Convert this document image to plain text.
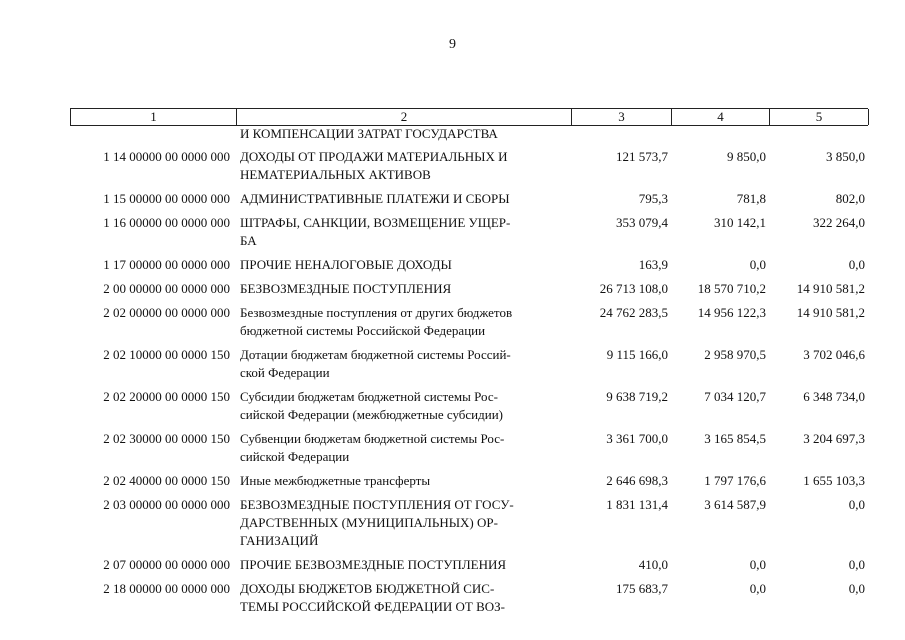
9
1	2	3	4	5
И КОМПЕНСАЦИИ ЗАТРАТ ГОСУДАРСТВА
1 14 00000 00 0000 000 ДОХОДЫ ОТ ПРОДАЖИ МАТЕРИАЛЬНЫХ И
НЕМАТЕРИАЛЬНЫХ АКТИВОВ
121 573,7	9 850,0	3 850,0
1 15 00000 00 0000 000 АДМИНИСТРАТИВНЫЕ ПЛАТЕЖИ И СБОРЫ	795,3	781,8	802,0
1 16 00000 00 0000 000 ШТРАФЫ, САНКЦИИ, ВОЗМЕЩЕНИЕ УЩЕР-
БА
353 079,4	310 142,1	322 264,0
1 17 00000 00 0000 000 ПРОЧИЕ НЕНАЛОГОВЫЕ ДОХОДЫ	163,9	0,0	0,0
2 00 00000 00 0000 000 БЕЗВОЗМЕЗДНЫЕ ПОСТУПЛЕНИЯ	26 713 108,0	18 570 710,2	14 910 581,2
2 02 00000 00 0000 000 Безвозмездные поступления от других бюджетов
бюджетной системы Российской Федерации
24 762 283,5	14 956 122,3	14 910 581,2
2 02 10000 00 0000 150 Дотации бюджетам бюджетной системы Россий-
ской Федерации
9 115 166,0	2 958 970,5	3 702 046,6
2 02 20000 00 0000 150 Субсидии бюджетам бюджетной системы Рос-
сийской Федерации (межбюджетные субсидии)
9 638 719,2	7 034 120,7	6 348 734,0
2 02 30000 00 0000 150 Субвенции бюджетам бюджетной системы Рос-
сийской Федерации
3 361 700,0	3 165 854,5	3 204 697,3
2 02 40000 00 0000 150 Иные межбюджетные трансферты	2 646 698,3	1 797 176,6	1 655 103,3
2 03 00000 00 0000 000 БЕЗВОЗМЕЗДНЫЕ ПОСТУПЛЕНИЯ ОТ ГОСУ-
ДАРСТВЕННЫХ (МУНИЦИПАЛЬНЫХ) ОР-
ГАНИЗАЦИЙ
1 831 131,4	3 614 587,9	0,0
2 07 00000 00 0000 000 ПРОЧИЕ БЕЗВОЗМЕЗДНЫЕ ПОСТУПЛЕНИЯ	410,0	0,0	0,0
2 18 00000 00 0000 000 ДОХОДЫ БЮДЖЕТОВ БЮДЖЕТНОЙ СИС-
ТЕМЫ РОССИЙСКОЙ ФЕДЕРАЦИИ ОТ ВОЗ-
175 683,7	0,0	0,0
